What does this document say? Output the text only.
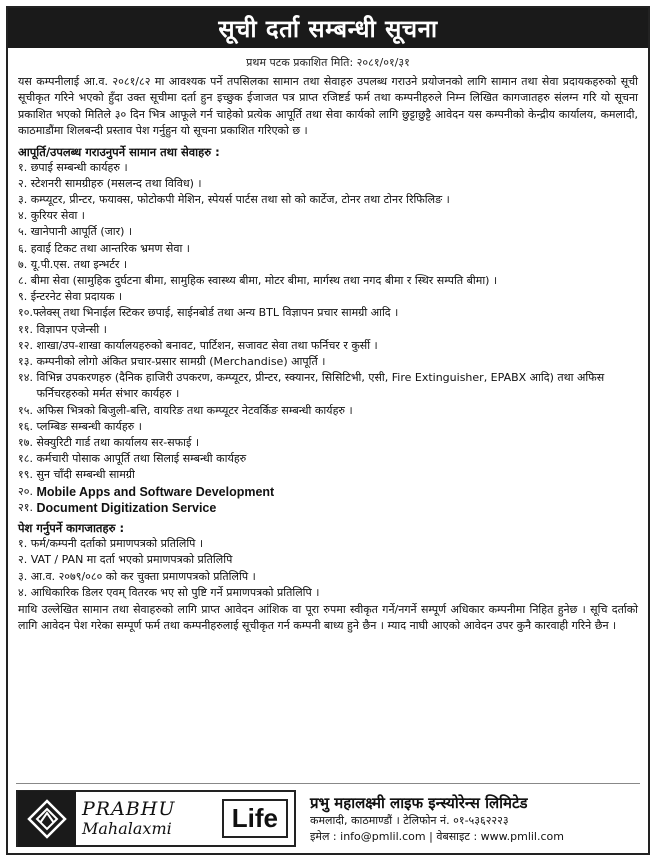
सूची दर्ता सम्बन्धी सूचना
प्रथम पटक प्रकाशित मिति: २०८१/०१/३१

यस कम्पनीलाई आ.व. २०८१/८२ मा आवश्यक पर्ने तपसिलका सामान तथा सेवाहरु उपलब्ध गराउने प्रयोजनको लागि सामान तथा सेवा प्रदायकहरुको सूची सूचीकृत गरिने भएको हुँदा उक्त सूचीमा दर्ता हुन इच्छुक ईजाजत पत्र प्राप्त रजिष्टर्ड फर्म तथा कम्पनीहरुले निम्न लिखित कागजातहरु संलग्न गरि यो सूचना प्रकाशित भएको मितिले ३० दिन भित्र आफूले गर्न चाहेको प्रत्येक आपूर्ति तथा सेवा कार्यको लागि छुट्टाछुट्टै आवेदन यस कम्पनीको केन्द्रीय कार्यालय, कमलादी, काठमाडौंमा शिलबन्दी प्रस्ताव पेश गर्नुहुन यो सूचना प्रकाशित गरिएको छ ।

आपूर्ति/उपलब्ध गराउनुपर्ने सामान तथा सेवाहरु :
१. छपाई सम्बन्धी कार्यहरु ।
२. स्टेशनरी सामग्रीहरु (मसलन्द तथा विविध) ।
३. कम्प्यूटर, प्रीन्टर, फयाक्स, फोटोकपी मेशिन, स्पेयर्स पार्टस तथा सो को कार्टेज, टोनर तथा टोनर रिफिलिङ ।
४. कुरियर सेवा ।
५. खानेपानी आपूर्ति (जार) ।
६. हवाई टिकट तथा आन्तरिक भ्रमण सेवा ।
७. यू.पी.एस. तथा इन्भर्टर ।
८. बीमा सेवा (सामुहिक दुर्घटना बीमा, सामुहिक स्वास्थ्य बीमा, मोटर बीमा, मार्गस्थ तथा नगद बीमा र स्थिर सम्पति बीमा) ।
९. ईन्टरनेट सेवा प्रदायक ।
१०. फ्लेक्स् तथा भिनाईल स्टिकर छपाई, साईनबोर्ड तथा अन्य BTL विज्ञापन प्रचार सामग्री आदि ।
११. विज्ञापन एजेन्सी ।
१२. शाखा/उप-शाखा कार्यालयहरुको बनावट, पार्टिशन, सजावट सेवा तथा फर्निचर र कुर्सी ।
१३. कम्पनीको लोगो अंकित प्रचार-प्रसार सामग्री (Merchandise) आपूर्ति ।
१४. विभिन्न उपकरणहरु (दैनिक हाजिरी उपकरण, कम्प्यूटर, प्रीन्टर, स्क्यानर, सिसिटिभी, एसी, Fire Extinguisher, EPABX आदि) तथा अफिस फर्निचरहरुको मर्मत संभार कार्यहरु ।
१५. अफिस भित्रको बिजुली-बत्ति, वायरिङ तथा कम्प्यूटर नेटवर्किङ सम्बन्धी कार्यहरु ।
१६. प्लम्बिङ सम्बन्धी कार्यहरु ।
१७. सेक्युरिटी गार्ड तथा कार्यालय सर-सफाई ।
१८. कर्मचारी पोसाक आपूर्ति तथा सिलाई सम्बन्धी कार्यहरु
१९. सुन चाँदी सम्बन्धी सामग्री
२०. Mobile Apps and Software Development
२१. Document Digitization Service
पेश गर्नुपर्ने कागजातहरु :
१. फर्म/कम्पनी दर्ताको प्रमाणपत्रको प्रतिलिपि ।
२. VAT / PAN मा दर्ता भएको प्रमाणपत्रको प्रतिलिपि
३. आ.व. २०७९/०८० को कर चुक्ता प्रमाणपत्रको प्रतिलिपि ।
४. आधिकारिक डिलर एवम् वितरक भए सो पुष्टि गर्ने प्रमाणपत्रको प्रतिलिपि ।

माथि उल्लेखित सामान तथा सेवाहरुको लागि प्राप्त आवेदन आंशिक वा पूरा रुपमा स्वीकृत गर्ने/नगर्ने सम्पूर्ण अधिकार कम्पनीमा निहित हुनेछ । सूचि दर्ताको लागि आवेदन पेश गरेका सम्पूर्ण फर्म तथा कम्पनीहरुलाई सूचीकृत गर्न कम्पनी बाध्य हुने छैन । म्याद नाघी आएको आवेदन उपर कुनै कारवाही गरिने छैन ।

PRABHU
Mahalaxmi	Life
प्रभु महालक्ष्मी लाइफ इन्स्योरेन्स लिमिटेड
कमलादी, काठमाण्डौं । टेलिफोन नं. ०१-५३६२२२३
इमेल : info@pmlil.com | वेबसाइट : www.pmlil.com
